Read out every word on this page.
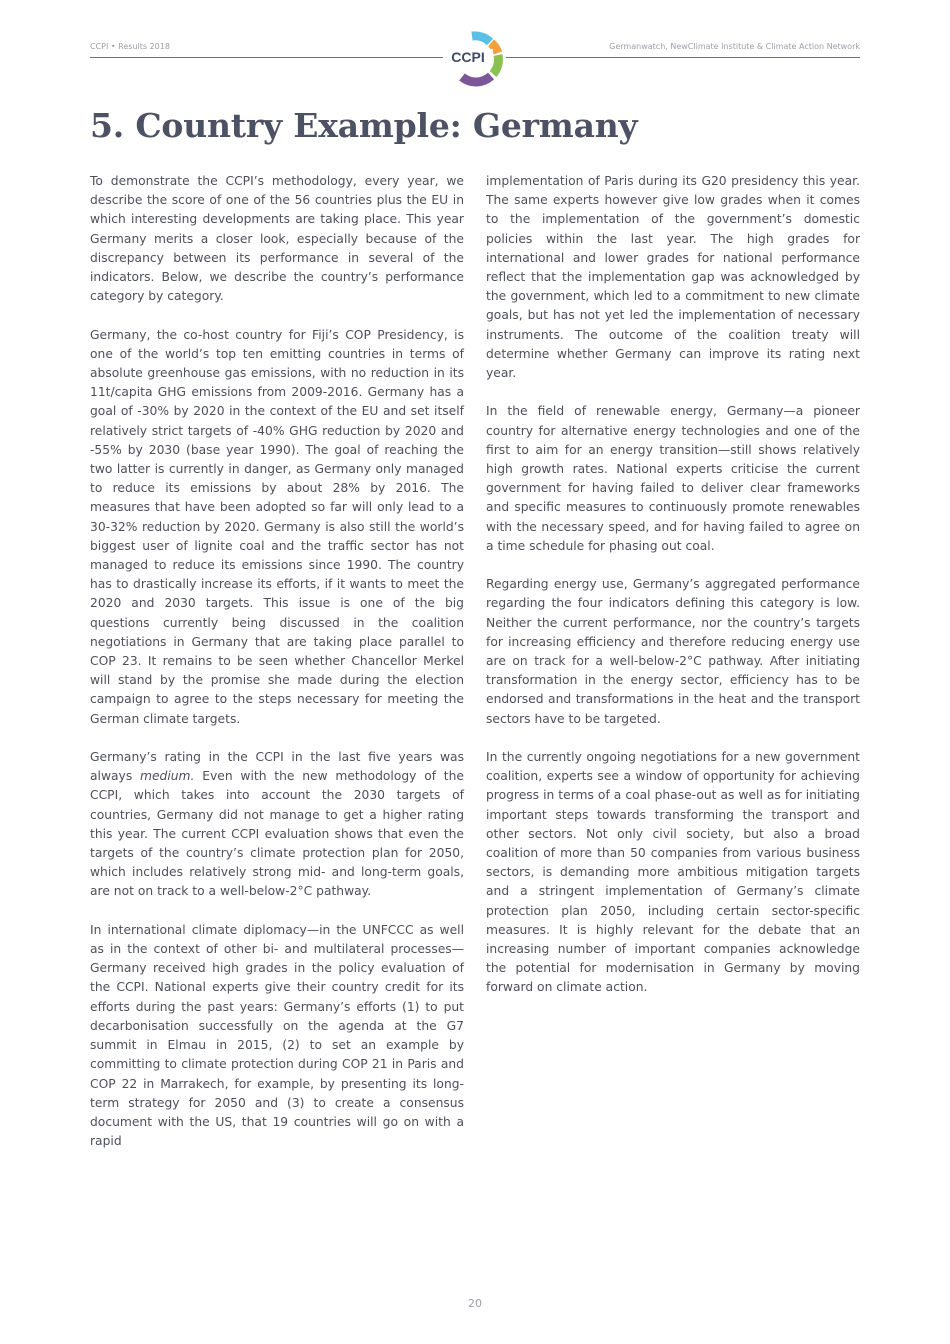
CCPI • Results 2018	Germanwatch, NewClimate Institute & Climate Action Network
CCPI
5. Country Example: Germany

To demonstrate the CCPI’s methodology, every year, we describe the score of one of the 56 countries plus the EU in which interesting developments are taking place. This year Germany merits a closer look, especially because of the discrepancy between its performance in several of the indicators. Below, we describe the country’s performance category by category.

Germany, the co-host country for Fiji’s COP Presidency, is one of the world’s top ten emitting countries in terms of absolute greenhouse gas emissions, with no reduction in its 11t/capita GHG emissions from 2009-2016. Germany has a goal of -30% by 2020 in the context of the EU and set itself relatively strict targets of -40% GHG reduction by 2020 and -55% by 2030 (base year 1990). The goal of reaching the two latter is currently in danger, as Germany only managed to reduce its emissions by about 28% by 2016. The measures that have been adopted so far will only lead to a 30-32% reduction by 2020. Germany is also still the world’s biggest user of lignite coal and the traffic sector has not managed to reduce its emissions since 1990. The country has to drastically increase its efforts, if it wants to meet the 2020 and 2030 targets. This issue is one of the big questions currently being discussed in the coalition negotiations in Germany that are taking place parallel to COP 23. It remains to be seen whether Chancellor Merkel will stand by the promise she made during the election campaign to agree to the steps necessary for meeting the German climate targets.

Germany’s rating in the CCPI in the last five years was always medium. Even with the new methodology of the CCPI, which takes into account the 2030 targets of countries, Germany did not manage to get a higher rating this year. The current CCPI evaluation shows that even the targets of the country’s climate protection plan for 2050, which includes relatively strong mid- and long-term goals, are not on track to a well-below-2°C pathway.

In international climate diplomacy—in the UNFCCC as well as in the context of other bi- and multilateral processes—Germany received high grades in the policy evaluation of the CCPI. National experts give their country credit for its efforts during the past years: Germany’s efforts (1) to put decarbonisation successfully on the agenda at the G7 summit in Elmau in 2015, (2) to set an example by committing to climate protection during COP 21 in Paris and COP 22 in Marrakech, for example, by presenting its long-term strategy for 2050 and (3) to create a consensus document with the US, that 19 countries will go on with a rapid

implementation of Paris during its G20 presidency this year. The same experts however give low grades when it comes to the implementation of the government’s domestic policies within the last year. The high grades for international and lower grades for national performance reflect that the implementation gap was acknowledged by the government, which led to a commitment to new climate goals, but has not yet led the implementation of necessary instruments. The outcome of the coalition treaty will determine whether Germany can improve its rating next year.

In the field of renewable energy, Germany—a pioneer country for alternative energy technologies and one of the first to aim for an energy transition—still shows relatively high growth rates. National experts criticise the current government for having failed to deliver clear frameworks and specific measures to continuously promote renewables with the necessary speed, and for having failed to agree on a time schedule for phasing out coal.

Regarding energy use, Germany’s aggregated performance regarding the four indicators defining this category is low. Neither the current performance, nor the country’s targets for increasing efficiency and therefore reducing energy use are on track for a well-below-2°C pathway. After initiating transformation in the energy sector, efficiency has to be endorsed and transformations in the heat and the transport sectors have to be targeted.

In the currently ongoing negotiations for a new government coalition, experts see a window of opportunity for achieving progress in terms of a coal phase-out as well as for initiating important steps towards transforming the transport and other sectors. Not only civil society, but also a broad coalition of more than 50 companies from various business sectors, is demanding more ambitious mitigation targets and a stringent implementation of Germany’s climate protection plan 2050, including certain sector-specific measures. It is highly relevant for the debate that an increasing number of important companies acknowledge the potential for modernisation in Germany by moving forward on climate action.

20
